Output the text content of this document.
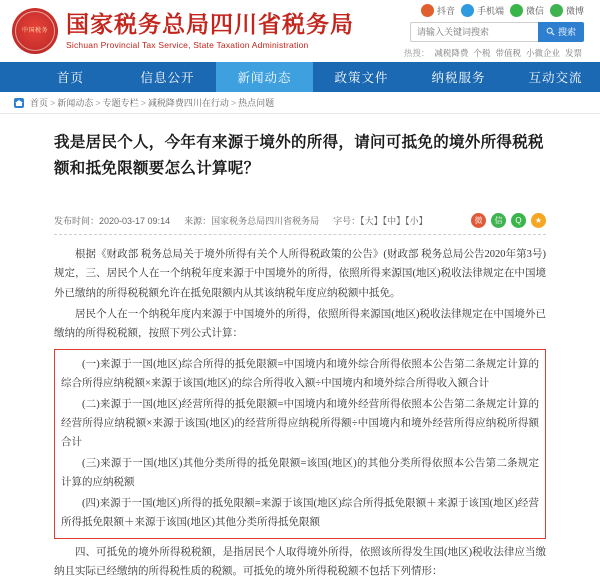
中国税务 国家税务总局四川省税务局
Sichuan Provincial Tax Service, State Taxation Administration
抖音 手机端 微信 微博
请输入关键词搜索
搜索
热搜： 减税降费 个税 带值税 小微企业 发票
首页	信息公开	新闻动态	政策文件	纳税服务	互动交流
首页 > 新闻动态 > 专题专栏 > 减税降费四川在行动 > 热点问题
我是居民个人，今年有来源于境外的所得，请问可抵免的境外所得税税额和抵免限额要怎么计算呢？
发布时间：2020-03-17 09:14 来源：国家税务总局四川省税务局 字号：【大】【中】【小】	微	信	Q	★

根据《财政部 税务总局关于境外所得有关个人所得税政策的公告》(财政部 税务总局公告2020年第3号)规定，三、居民个人在一个纳税年度来源于中国境外的所得，依照所得来源国(地区)税收法律规定在中国境外已缴纳的所得税税额允许在抵免限额内从其该纳税年度应纳税额中抵免。

居民个人在一个纳税年度内来源于中国境外的所得，依照所得来源国(地区)税收法律规定在中国境外已缴纳的所得税税额，按照下列公式计算：

(一)来源于一国(地区)综合所得的抵免限额=中国境内和境外综合所得依照本公告第二条规定计算的综合所得应纳税额×来源于该国(地区)的综合所得收入额÷中国境内和境外综合所得收入额合计

(二)来源于一国(地区)经营所得的抵免限额=中国境内和境外经营所得依照本公告第二条规定计算的经营所得应纳税额×来源于该国(地区)的经营所得应纳税所得额÷中国境内和境外经营所得应纳税所得额合计

(三)来源于一国(地区)其他分类所得的抵免限额=该国(地区)的其他分类所得依照本公告第二条规定计算的应纳税额

(四)来源于一国(地区)所得的抵免限额=来源于该国(地区)综合所得抵免限额＋来源于该国(地区)经营所得抵免限额＋来源于该国(地区)其他分类所得抵免限额

四、可抵免的境外所得税税额，是指居民个人取得境外所得，依照该所得发生国(地区)税收法律应当缴纳且实际已经缴纳的所得税性质的税额。可抵免的境外所得税税额不包括下列情形：
